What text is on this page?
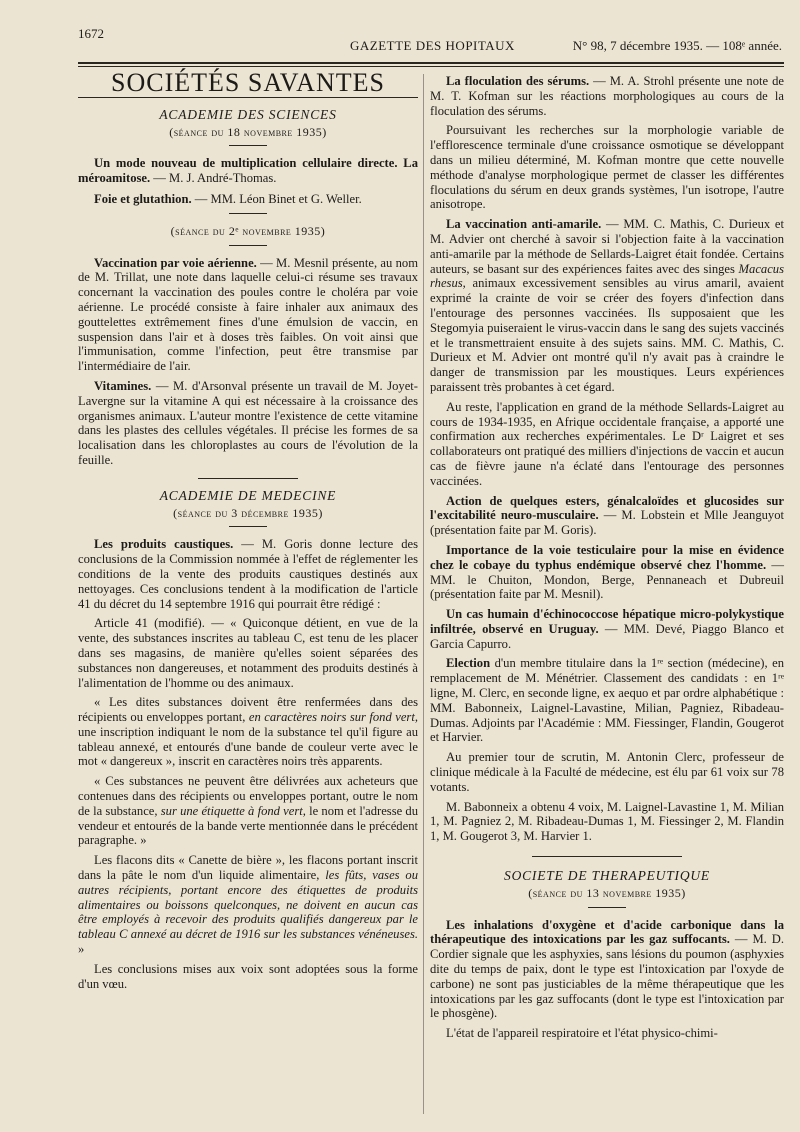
1672
GAZETTE DES HOPITAUX	N° 98, 7 décembre 1935. — 108ᵉ année.
SOCIÉTÉS SAVANTES
ACADEMIE DES SCIENCES
(séance du 18 novembre 1935)

Un mode nouveau de multiplication cellulaire directe. La méroamitose. — M. J. André-Thomas.

Foie et glutathion. — MM. Léon Binet et G. Weller.

(séance du 2ᵉ novembre 1935)

Vaccination par voie aérienne. — M. Mesnil présente, au nom de M. Trillat, une note dans laquelle celui-ci résume ses travaux concernant la vaccination des poules contre le choléra par voie aérienne. Le procédé consiste à faire inhaler aux animaux des gouttelettes extrêmement fines d'une émulsion de vaccin, en suspension dans l'air et à doses très faibles. On voit ainsi que l'immunisation, comme l'infection, peut être transmise par l'intermédiaire de l'air.

Vitamines. — M. d'Arsonval présente un travail de M. Joyet-Lavergne sur la vitamine A qui est nécessaire à la croissance des organismes animaux. L'auteur montre l'existence de cette vitamine dans les plastes des cellules végétales. Il précise les formes de sa localisation dans les chloroplastes au cours de l'évolution de la feuille.

ACADEMIE DE MEDECINE
(séance du 3 décembre 1935)

Les produits caustiques. — M. Goris donne lecture des conclusions de la Commission nommée à l'effet de réglementer les conditions de la vente des produits caustiques destinés aux nettoyages. Ces conclusions tendent à la modification de l'article 41 du décret du 14 septembre 1916 qui pourrait être rédigé :

Article 41 (modifié). — « Quiconque détient, en vue de la vente, des substances inscrites au tableau C, est tenu de les placer dans ses magasins, de manière qu'elles soient séparées des substances non dangereuses, et notamment des produits destinés à l'alimentation de l'homme ou des animaux.

« Les dites substances doivent être renfermées dans des récipients ou enveloppes portant, en caractères noirs sur fond vert, une inscription indiquant le nom de la substance tel qu'il figure au tableau annexé, et entourés d'une bande de couleur verte avec le mot « dangereux », inscrit en caractères noirs très apparents.

« Ces substances ne peuvent être délivrées aux acheteurs que contenues dans des récipients ou enveloppes portant, outre le nom de la substance, sur une étiquette à fond vert, le nom et l'adresse du vendeur et entourés de la bande verte mentionnée dans le précédent paragraphe. »

Les flacons dits « Canette de bière », les flacons portant inscrit dans la pâte le nom d'un liquide alimentaire, les fûts, vases ou autres récipients, portant encore des étiquettes de produits alimentaires ou boissons quelconques, ne doivent en aucun cas être employés à recevoir des produits qualifiés dangereux par le tableau C annexé au décret de 1916 sur les substances vénéneuses. »

Les conclusions mises aux voix sont adoptées sous la forme d'un vœu.

La floculation des sérums. — M. A. Strohl présente une note de M. T. Kofman sur les réactions morphologiques au cours de la floculation des sérums.

Poursuivant les recherches sur la morphologie variable de l'efflorescence terminale d'une croissance osmotique se développant dans un milieu déterminé, M. Kofman montre que cette nouvelle méthode d'analyse morphologique permet de classer les différentes floculations du sérum en deux grands systèmes, l'un isotrope, l'autre anisotrope.

La vaccination anti-amarile. — MM. C. Mathis, C. Durieux et M. Advier ont cherché à savoir si l'objection faite à la vaccination anti-amarile par la méthode de Sellards-Laigret était fondée. Certains auteurs, se basant sur des expériences faites avec des singes Macacus rhesus, animaux excessivement sensibles au virus amaril, avaient exprimé la crainte de voir se créer des foyers d'infection dans l'entourage des personnes vaccinées. Ils supposaient que les Stegomyia puiseraient le virus-vaccin dans le sang des sujets vaccinés et le transmettraient ensuite à des sujets sains. MM. C. Mathis, C. Durieux et M. Advier ont montré qu'il n'y avait pas à craindre le danger de transmission par les moustiques. Leurs expériences paraissent très probantes à cet égard.

Au reste, l'application en grand de la méthode Sellards-Laigret au cours de 1934-1935, en Afrique occidentale française, a apporté une confirmation aux recherches expérimentales. Le Dʳ Laigret et ses collaborateurs ont pratiqué des milliers d'injections de vaccin et aucun cas de fièvre jaune n'a éclaté dans l'entourage des personnes vaccinées.

Action de quelques esters, génalcaloïdes et glucosides sur l'excitabilité neuro-musculaire. — M. Lobstein et Mlle Jeanguyot (présentation faite par M. Goris).

Importance de la voie testiculaire pour la mise en évidence chez le cobaye du typhus endémique observé chez l'homme. — MM. le Chuiton, Mondon, Berge, Pennaneach et Dubreuil (présentation faite par M. Mesnil).

Un cas humain d'échinococcose hépatique micro-polykystique infiltrée, observé en Uruguay. — MM. Devé, Piaggo Blanco et Garcia Capurro.

Election d'un membre titulaire dans la 1ʳᵉ section (médecine), en remplacement de M. Ménétrier. Classement des candidats : en 1ʳᵉ ligne, M. Clerc, en seconde ligne, ex aequo et par ordre alphabétique : MM. Babonneix, Laignel-Lavastine, Milian, Pagniez, Ribadeau-Dumas. Adjoints par l'Académie : MM. Fiessinger, Flandin, Gougerot et Harvier.

Au premier tour de scrutin, M. Antonin Clerc, professeur de clinique médicale à la Faculté de médecine, est élu par 61 voix sur 78 votants.

M. Babonneix a obtenu 4 voix, M. Laignel-Lavastine 1, M. Milian 1, M. Pagniez 2, M. Ribadeau-Dumas 1, M. Fiessinger 2, M. Flandin 1, M. Gougerot 3, M. Harvier 1.

SOCIETE DE THERAPEUTIQUE
(séance du 13 novembre 1935)

Les inhalations d'oxygène et d'acide carbonique dans la thérapeutique des intoxications par les gaz suffocants. — M. D. Cordier signale que les asphyxies, sans lésions du poumon (asphyxies dite du temps de paix, dont le type est l'intoxication par l'oxyde de carbone) ne sont pas justiciables de la même thérapeutique que les intoxications par les gaz suffocants (dont le type est l'intoxication par le phosgène).

L'état de l'appareil respiratoire et l'état physico-chimi-
